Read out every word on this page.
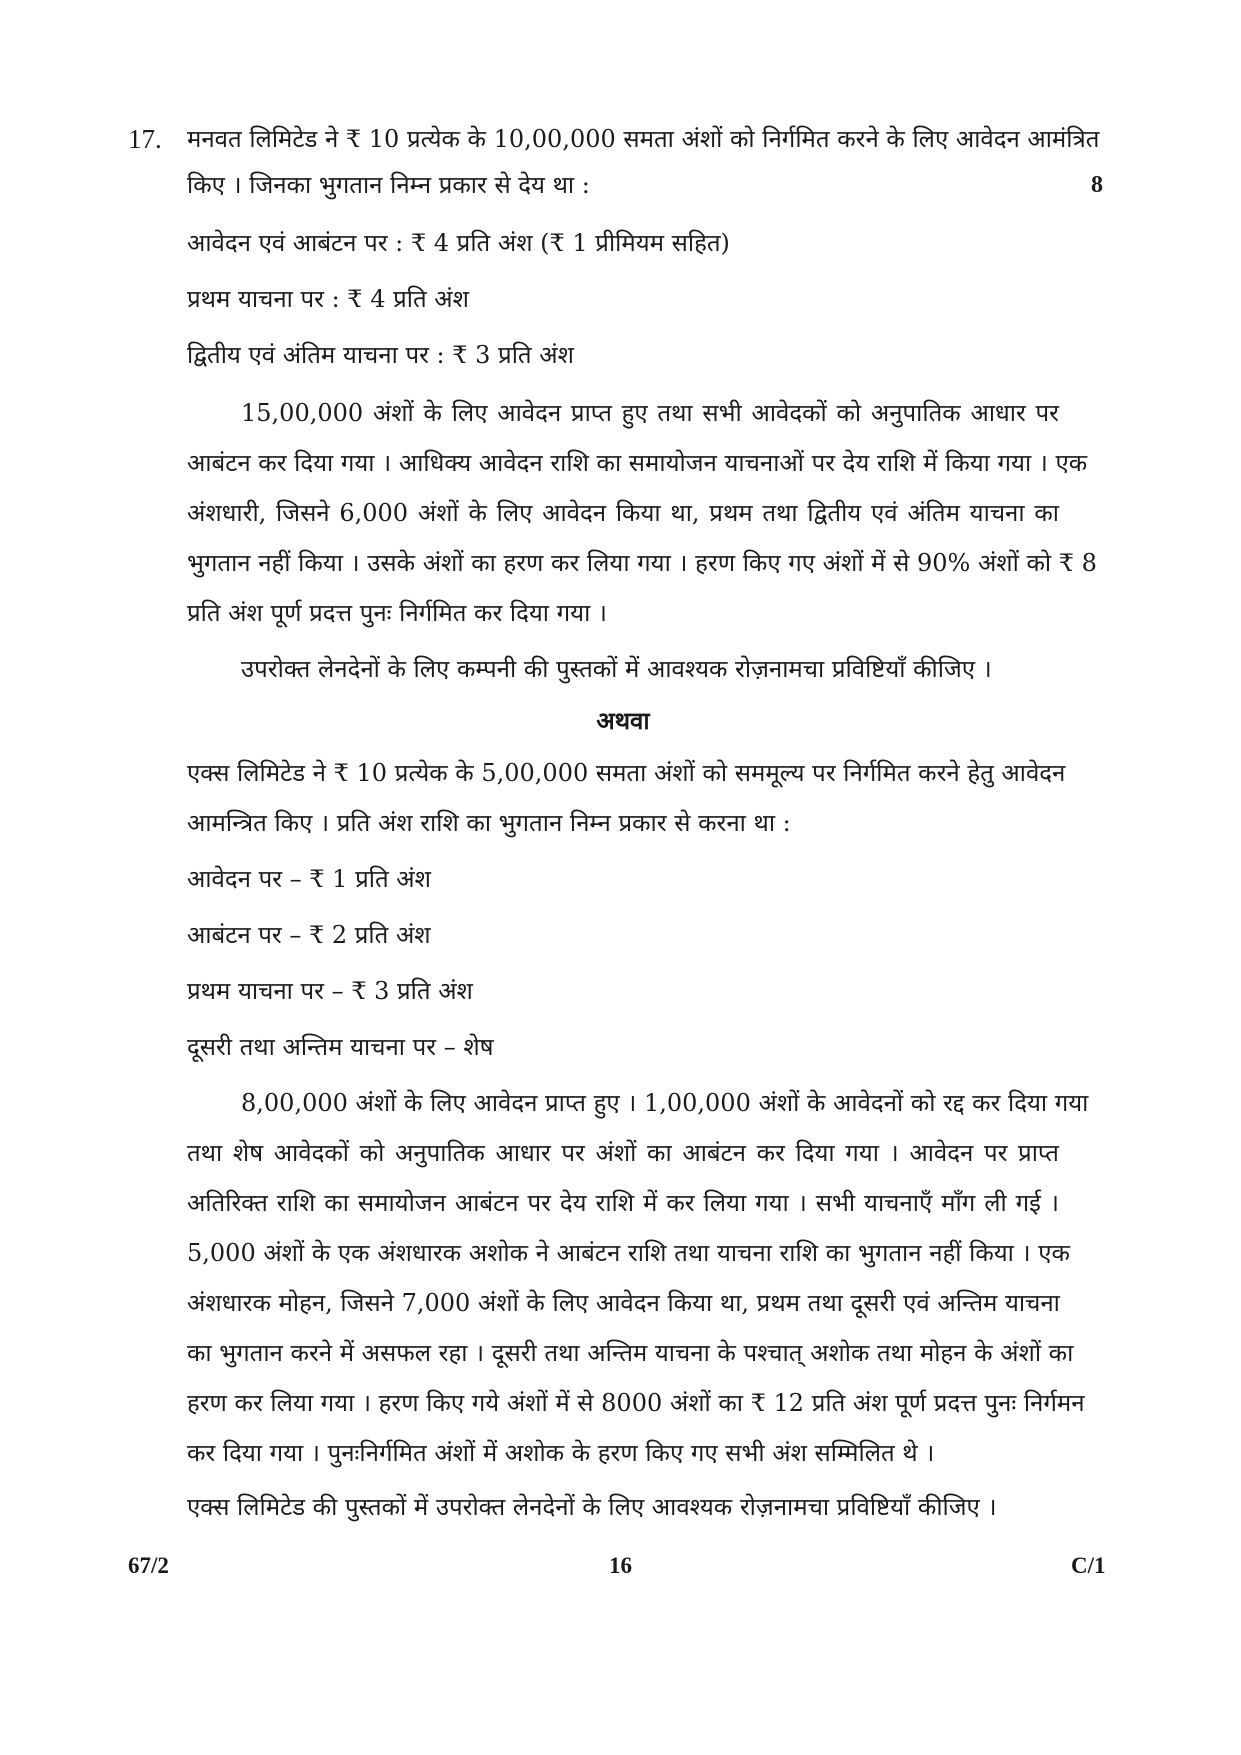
17.
8
मनवत लिमिटेड ने ₹ 10 प्रत्येक के 10,00,000 समता अंशों को निर्गमित करने के लिए आवेदन आमंत्रित
किए । जिनका भुगतान निम्न प्रकार से देय था :
आवेदन एवं आबंटन पर : ₹ 4 प्रति अंश (₹ 1 प्रीमियम सहित)
प्रथम याचना पर : ₹ 4 प्रति अंश
द्वितीय एवं अंतिम याचना पर : ₹ 3 प्रति अंश
15,00,000 अंशों के लिए आवेदन प्राप्त हुए तथा सभी आवेदकों को अनुपातिक आधार पर
आबंटन कर दिया गया । आधिक्य आवेदन राशि का समायोजन याचनाओं पर देय राशि में किया गया । एक
अंशधारी, जिसने 6,000 अंशों के लिए आवेदन किया था, प्रथम तथा द्वितीय एवं अंतिम याचना का
भुगतान नहीं किया । उसके अंशों का हरण कर लिया गया । हरण किए गए अंशों में से 90% अंशों को ₹ 8
प्रति अंश पूर्ण प्रदत्त पुनः निर्गमित कर दिया गया ।
उपरोक्त लेनदेनों के लिए कम्पनी की पुस्तकों में आवश्यक रोज़नामचा प्रविष्टियाँ कीजिए ।
अथवा
एक्स लिमिटेड ने ₹ 10 प्रत्येक के 5,00,000 समता अंशों को सममूल्य पर निर्गमित करने हेतु आवेदन
आमन्त्रित किए । प्रति अंश राशि का भुगतान निम्न प्रकार से करना था :
आवेदन पर – ₹ 1 प्रति अंश
आबंटन पर – ₹ 2 प्रति अंश
प्रथम याचना पर – ₹ 3 प्रति अंश
दूसरी तथा अन्तिम याचना पर – शेष
8,00,000 अंशों के लिए आवेदन प्राप्त हुए । 1,00,000 अंशों के आवेदनों को रद्द कर दिया गया
तथा शेष आवेदकों को अनुपातिक आधार पर अंशों का आबंटन कर दिया गया । आवेदन पर प्राप्त
अतिरिक्त राशि का समायोजन आबंटन पर देय राशि में कर लिया गया । सभी याचनाएँ माँग ली गई ।
5,000 अंशों के एक अंशधारक अशोक ने आबंटन राशि तथा याचना राशि का भुगतान नहीं किया । एक
अंशधारक मोहन, जिसने 7,000 अंशों के लिए आवेदन किया था, प्रथम तथा दूसरी एवं अन्तिम याचना
का भुगतान करने में असफल रहा । दूसरी तथा अन्तिम याचना के पश्चात् अशोक तथा मोहन के अंशों का
हरण कर लिया गया । हरण किए गये अंशों में से 8000 अंशों का ₹ 12 प्रति अंश पूर्ण प्रदत्त पुनः निर्गमन
कर दिया गया । पुनःनिर्गमित अंशों में अशोक के हरण किए गए सभी अंश सम्मिलित थे ।
एक्स लिमिटेड की पुस्तकों में उपरोक्त लेनदेनों के लिए आवश्यक रोज़नामचा प्रविष्टियाँ कीजिए ।
67/2	16	C/1
